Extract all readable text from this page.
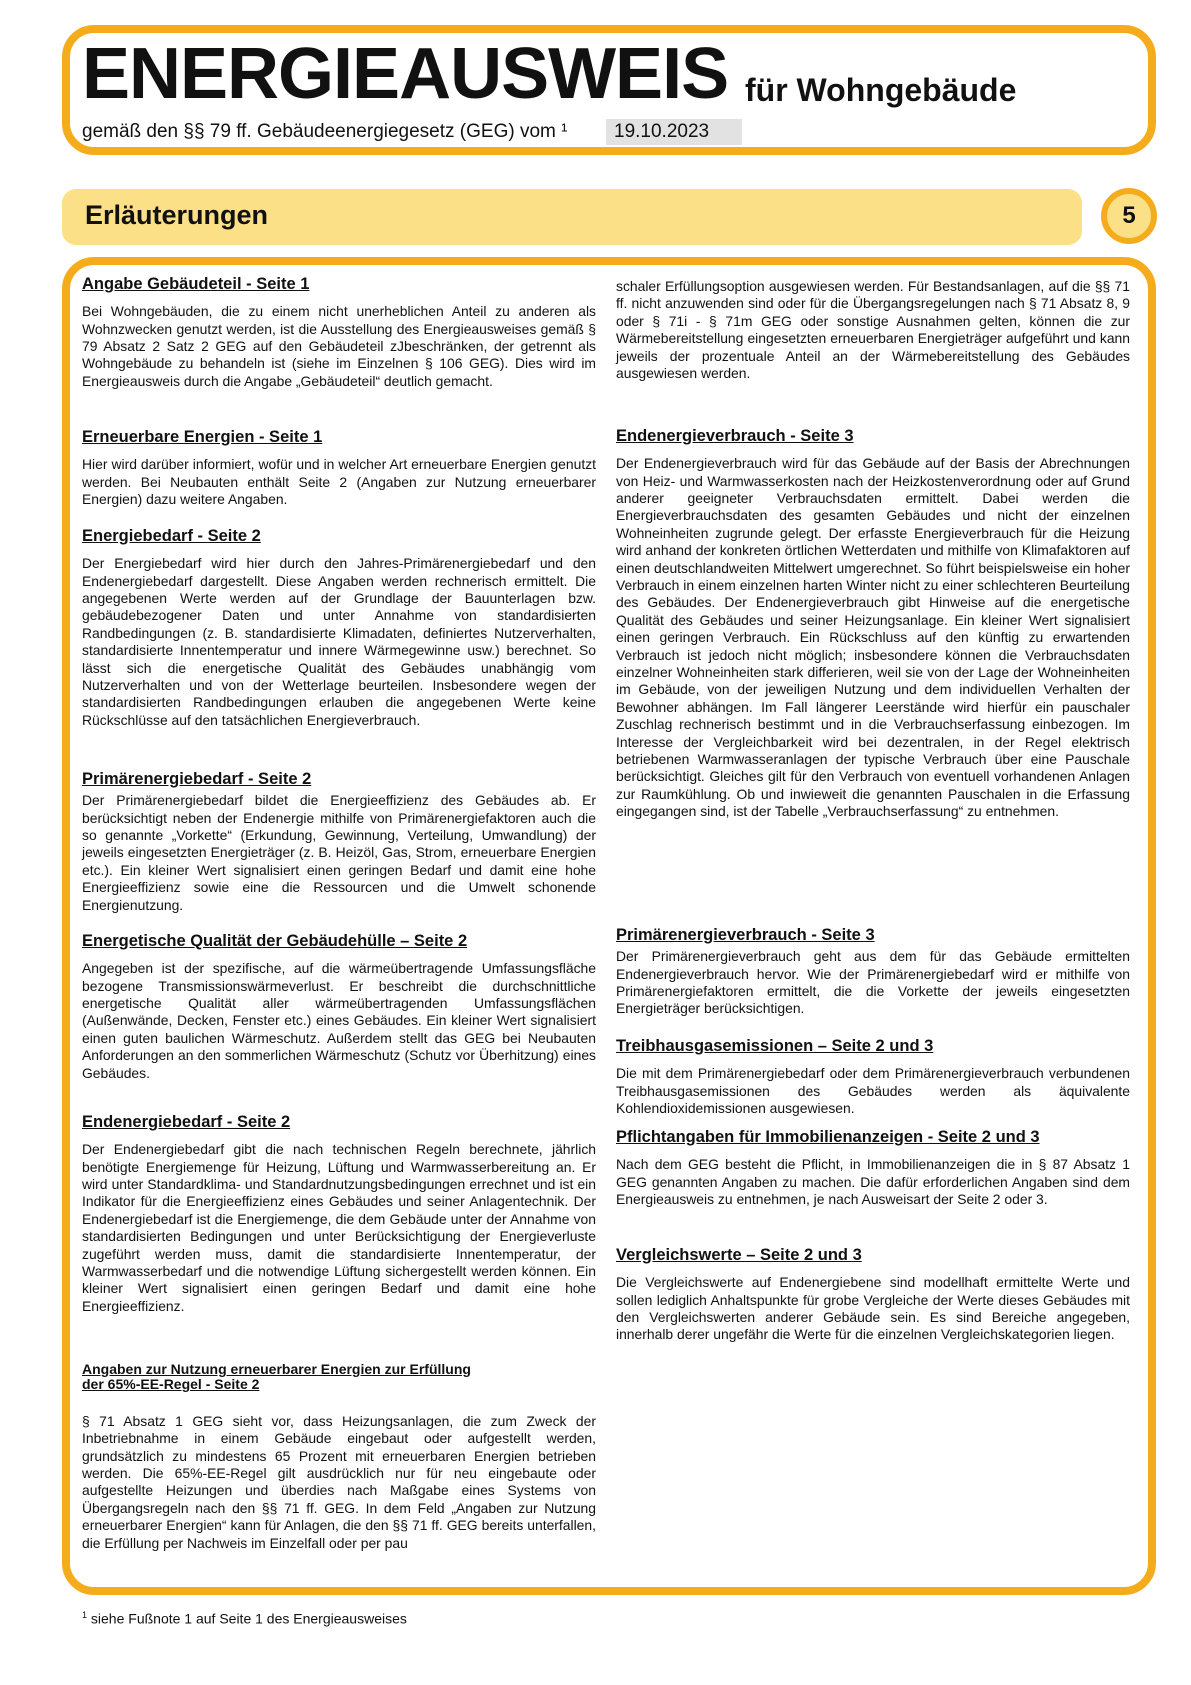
ENERGIEAUSWEIS für Wohngebäude
gemäß den §§ 79 ff. Gebäudeenergiegesetz (GEG) vom ¹	19.10.2023
Erläuterungen	5
Angabe Gebäudeteil - Seite 1

Bei Wohngebäuden, die zu einem nicht unerheblichen Anteil zu anderen als Wohnzwecken genutzt werden, ist die Ausstellung des Energieausweises gemäß § 79 Absatz 2 Satz 2 GEG auf den Gebäudeteil zJbeschränken, der getrennt als Wohngebäude zu behandeln ist (siehe im Einzelnen § 106 GEG). Dies wird im Energieausweis durch die Angabe „Gebäudeteil“ deutlich gemacht.

Erneuerbare Energien - Seite 1

Hier wird darüber informiert, wofür und in welcher Art erneuerbare Energien genutzt werden. Bei Neubauten enthält Seite 2 (Angaben zur Nutzung erneuerbarer Energien) dazu weitere Angaben.

Energiebedarf - Seite 2

Der Energiebedarf wird hier durch den Jahres-Primärenergiebedarf und den Endenergiebedarf dargestellt. Diese Angaben werden rechnerisch ermittelt. Die angegebenen Werte werden auf der Grundlage der Bauunterlagen bzw. gebäudebezogener Daten und unter Annahme von standardisierten Randbedingungen (z. B. standardisierte Klimadaten, definiertes Nutzerverhalten, standardisierte Innentemperatur und innere Wärmegewinne usw.) berechnet. So lässt sich die energetische Qualität des Gebäudes unabhängig vom Nutzerverhalten und von der Wetterlage beurteilen. Insbesondere wegen der standardisierten Randbedingungen erlauben die angegebenen Werte keine Rückschlüsse auf den tatsächlichen Energieverbrauch.

Primärenergiebedarf - Seite 2

Der Primärenergiebedarf bildet die Energieeffizienz des Gebäudes ab. Er berücksichtigt neben der Endenergie mithilfe von Primärenergiefaktoren auch die so genannte „Vorkette“ (Erkundung, Gewinnung, Verteilung, Umwandlung) der jeweils eingesetzten Energieträger (z. B. Heizöl, Gas, Strom, erneuerbare Energien etc.). Ein kleiner Wert signalisiert einen geringen Bedarf und damit eine hohe Energieeffizienz sowie eine die Ressourcen und die Umwelt schonende Energienutzung.

Energetische Qualität der Gebäudehülle – Seite 2

Angegeben ist der spezifische, auf die wärmeübertragende Umfassungsfläche bezogene Transmissionswärmeverlust. Er beschreibt die durchschnittliche energetische Qualität aller wärmeübertragenden Umfassungsflächen (Außenwände, Decken, Fenster etc.) eines Gebäudes. Ein kleiner Wert signalisiert einen guten baulichen Wärmeschutz. Außerdem stellt das GEG bei Neubauten Anforderungen an den sommerlichen Wärmeschutz (Schutz vor Überhitzung) eines Gebäudes.

Endenergiebedarf - Seite 2

Der Endenergiebedarf gibt die nach technischen Regeln berechnete, jährlich benötigte Energiemenge für Heizung, Lüftung und Warmwasserbereitung an. Er wird unter Standardklima- und Standardnutzungsbedingungen errechnet und ist ein Indikator für die Energieeffizienz eines Gebäudes und seiner Anlagentechnik. Der Endenergiebedarf ist die Energiemenge, die dem Gebäude unter der Annahme von standardisierten Bedingungen und unter Berücksichtigung der Energieverluste zugeführt werden muss, damit die standardisierte Innentemperatur, der Warmwasserbedarf und die notwendige Lüftung sichergestellt werden können. Ein kleiner Wert signalisiert einen geringen Bedarf und damit eine hohe Energieeffizienz.

Angaben zur Nutzung erneuerbarer Energien zur Erfüllung
der 65%-EE-Regel - Seite 2

§ 71 Absatz 1 GEG sieht vor, dass Heizungsanlagen, die zum Zweck der Inbetriebnahme in einem Gebäude eingebaut oder aufgestellt werden, grundsätzlich zu mindestens 65 Prozent mit erneuerbaren Energien betrieben werden. Die 65%-EE-Regel gilt ausdrücklich nur für neu eingebaute oder aufgestellte Heizungen und überdies nach Maßgabe eines Systems von Übergangsregeln nach den §§ 71 ff. GEG. In dem Feld „Angaben zur Nutzung erneuerbarer Energien“ kann für Anlagen, die den §§ 71 ff. GEG bereits unterfallen, die Erfüllung per Nachweis im Einzelfall oder per pau

schaler Erfüllungsoption ausgewiesen werden. Für Bestandsanlagen, auf die §§ 71 ff. nicht anzuwenden sind oder für die Übergangsregelungen nach § 71 Absatz 8, 9 oder § 71i - § 71m GEG oder sonstige Ausnahmen gelten, können die zur Wärmebereitstellung eingesetzten erneuerbaren Energieträger aufgeführt und kann jeweils der prozentuale Anteil an der Wärmebereitstellung des Gebäudes ausgewiesen werden.

Endenergieverbrauch - Seite 3

Der Endenergieverbrauch wird für das Gebäude auf der Basis der Abrechnungen von Heiz- und Warmwasserkosten nach der Heizkostenverordnung oder auf Grund anderer geeigneter Verbrauchsdaten ermittelt. Dabei werden die Energieverbrauchsdaten des gesamten Gebäudes und nicht der einzelnen Wohneinheiten zugrunde gelegt. Der erfasste Energieverbrauch für die Heizung wird anhand der konkreten örtlichen Wetterdaten und mithilfe von Klimafaktoren auf einen deutschlandweiten Mittelwert umgerechnet. So führt beispielsweise ein hoher Verbrauch in einem einzelnen harten Winter nicht zu einer schlechteren Beurteilung des Gebäudes. Der Endenergieverbrauch gibt Hinweise auf die energetische Qualität des Gebäudes und seiner Heizungsanlage. Ein kleiner Wert signalisiert einen geringen Verbrauch. Ein Rückschluss auf den künftig zu erwartenden Verbrauch ist jedoch nicht möglich; insbesondere können die Verbrauchsdaten einzelner Wohneinheiten stark differieren, weil sie von der Lage der Wohneinheiten im Gebäude, von der jeweiligen Nutzung und dem individuellen Verhalten der Bewohner abhängen. Im Fall längerer Leerstände wird hierfür ein pauschaler Zuschlag rechnerisch bestimmt und in die Verbrauchserfassung einbezogen. Im Interesse der Vergleichbarkeit wird bei dezentralen, in der Regel elektrisch betriebenen Warmwasseranlagen der typische Verbrauch über eine Pauschale berücksichtigt. Gleiches gilt für den Verbrauch von eventuell vorhandenen Anlagen zur Raumkühlung. Ob und inwieweit die genannten Pauschalen in die Erfassung eingegangen sind, ist der Tabelle „Verbrauchserfassung“ zu entnehmen.

Primärenergieverbrauch - Seite 3

Der Primärenergieverbrauch geht aus dem für das Gebäude ermittelten Endenergieverbrauch hervor. Wie der Primärenergiebedarf wird er mithilfe von Primärenergiefaktoren ermittelt, die die Vorkette der jeweils eingesetzten Energieträger berücksichtigen.

Treibhausgasemissionen – Seite 2 und 3

Die mit dem Primärenergiebedarf oder dem Primärenergieverbrauch verbundenen Treibhausgasemissionen des Gebäudes werden als äquivalente Kohlendioxidemissionen ausgewiesen.

Pflichtangaben für Immobilienanzeigen - Seite 2 und 3

Nach dem GEG besteht die Pflicht, in Immobilienanzeigen die in § 87 Absatz 1 GEG genannten Angaben zu machen. Die dafür erforderlichen Angaben sind dem Energieausweis zu entnehmen, je nach Ausweisart der Seite 2 oder 3.

Vergleichswerte – Seite 2 und 3

Die Vergleichswerte auf Endenergiebene sind modellhaft ermittelte Werte und sollen lediglich Anhaltspunkte für grobe Vergleiche der Werte dieses Gebäudes mit den Vergleichswerten anderer Gebäude sein. Es sind Bereiche angegeben, innerhalb derer ungefähr die Werte für die einzelnen Vergleichskategorien liegen.

$^1$ siehe Fußnote 1 auf Seite 1 des Energieausweises
